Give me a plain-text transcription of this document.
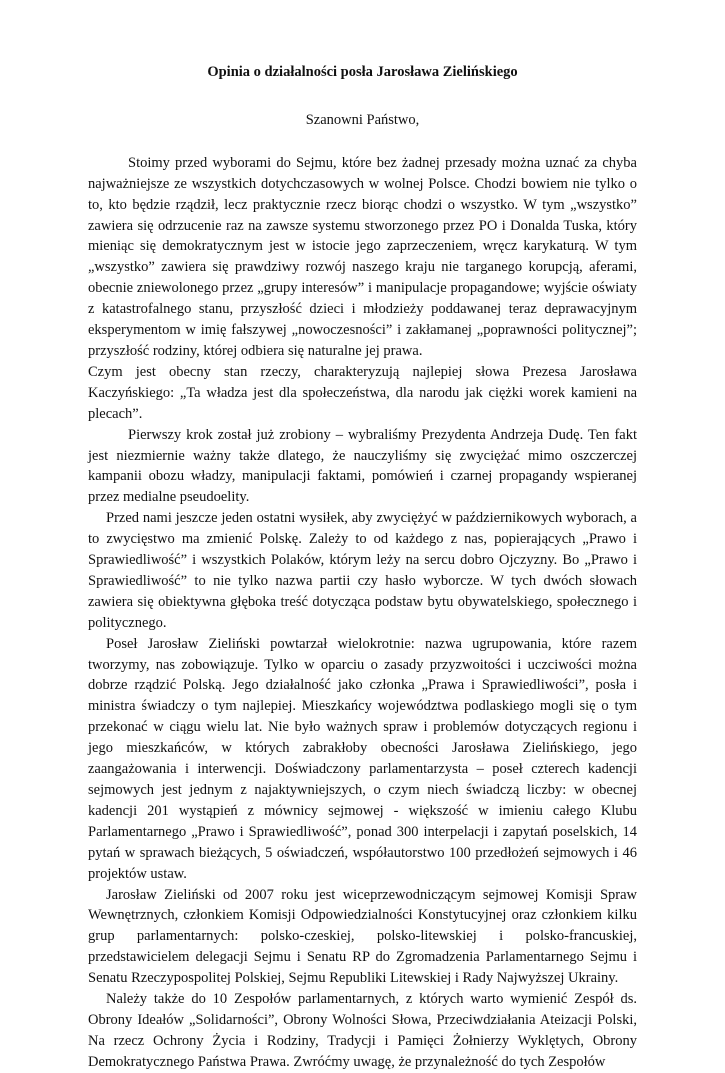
Opinia o działalności posła Jarosława Zielińskiego

Szanowni Państwo,

Stoimy przed wyborami do Sejmu, które bez żadnej przesady można uznać za chyba najważniejsze ze wszystkich dotychczasowych w wolnej Polsce. Chodzi bowiem nie tylko o to, kto będzie rządził, lecz praktycznie rzecz biorąc chodzi o wszystko. W tym „wszystko” zawiera się odrzucenie raz na zawsze systemu stworzonego przez PO i Donalda Tuska, który mieniąc się demokratycznym jest w istocie jego zaprzeczeniem, wręcz karykaturą. W tym „wszystko” zawiera się prawdziwy rozwój naszego kraju nie targanego korupcją, aferami, obecnie zniewolonego przez „grupy interesów” i manipulacje propagandowe; wyjście oświaty z katastrofalnego stanu, przyszłość dzieci i młodzieży poddawanej teraz deprawacyjnym eksperymentom w imię fałszywej „nowoczesności” i zakłamanej „poprawności politycznej”; przyszłość rodziny, której odbiera się naturalne jej prawa.

Czym jest obecny stan rzeczy, charakteryzują najlepiej słowa Prezesa Jarosława Kaczyńskiego: „Ta władza jest dla społeczeństwa, dla narodu jak ciężki worek kamieni na plecach”.

Pierwszy krok został już zrobiony – wybraliśmy Prezydenta Andrzeja Dudę. Ten fakt jest niezmiernie ważny także dlatego, że nauczyliśmy się zwyciężać mimo oszczerczej kampanii obozu władzy, manipulacji faktami, pomówień i czarnej propagandy wspieranej przez medialne pseudoelity.

Przed nami jeszcze jeden ostatni wysiłek, aby zwyciężyć w październikowych wyborach, a to zwycięstwo ma zmienić Polskę. Zależy to od każdego z nas, popierających „Prawo i Sprawiedliwość” i wszystkich Polaków, którym leży na sercu dobro Ojczyzny. Bo „Prawo i Sprawiedliwość” to nie tylko nazwa partii czy hasło wyborcze. W tych dwóch słowach zawiera się obiektywna głęboka treść dotycząca podstaw bytu obywatelskiego, społecznego i politycznego.

Poseł Jarosław Zieliński powtarzał wielokrotnie: nazwa ugrupowania, które razem tworzymy, nas zobowiązuje. Tylko w oparciu o zasady przyzwoitości i uczciwości można dobrze rządzić Polską. Jego działalność jako członka „Prawa i Sprawiedliwości”, posła i ministra świadczy o tym najlepiej. Mieszkańcy województwa podlaskiego mogli się o tym przekonać w ciągu wielu lat. Nie było ważnych spraw i problemów dotyczących regionu i jego mieszkańców, w których zabrakłoby obecności Jarosława Zielińskiego, jego zaangażowania i interwencji. Doświadczony parlamentarzysta – poseł czterech kadencji sejmowych jest jednym z najaktywniejszych, o czym niech świadczą liczby: w obecnej kadencji 201 wystąpień z mównicy sejmowej - większość w imieniu całego Klubu Parlamentarnego „Prawo i Sprawiedliwość”, ponad 300 interpelacji i zapytań poselskich, 14 pytań w sprawach bieżących, 5 oświadczeń, współautorstwo 100 przedłożeń sejmowych i 46 projektów ustaw.

Jarosław Zieliński od 2007 roku jest wiceprzewodniczącym sejmowej Komisji Spraw Wewnętrznych, członkiem Komisji Odpowiedzialności Konstytucyjnej oraz członkiem kilku grup parlamentarnych: polsko-czeskiej, polsko-litewskiej i polsko-francuskiej, przedstawicielem delegacji Sejmu i Senatu RP do Zgromadzenia Parlamentarnego Sejmu i Senatu Rzeczypospolitej Polskiej, Sejmu Republiki Litewskiej i Rady Najwyższej Ukrainy.

Należy także do 10 Zespołów parlamentarnych, z których warto wymienić Zespół ds. Obrony Ideałów „Solidarności”, Obrony Wolności Słowa, Przeciwdziałania Ateizacji Polski, Na rzecz Ochrony Życia i Rodziny, Tradycji i Pamięci Żołnierzy Wyklętych, Obrony Demokratycznego Państwa Prawa. Zwróćmy uwagę, że przynależność do tych Zespołów
